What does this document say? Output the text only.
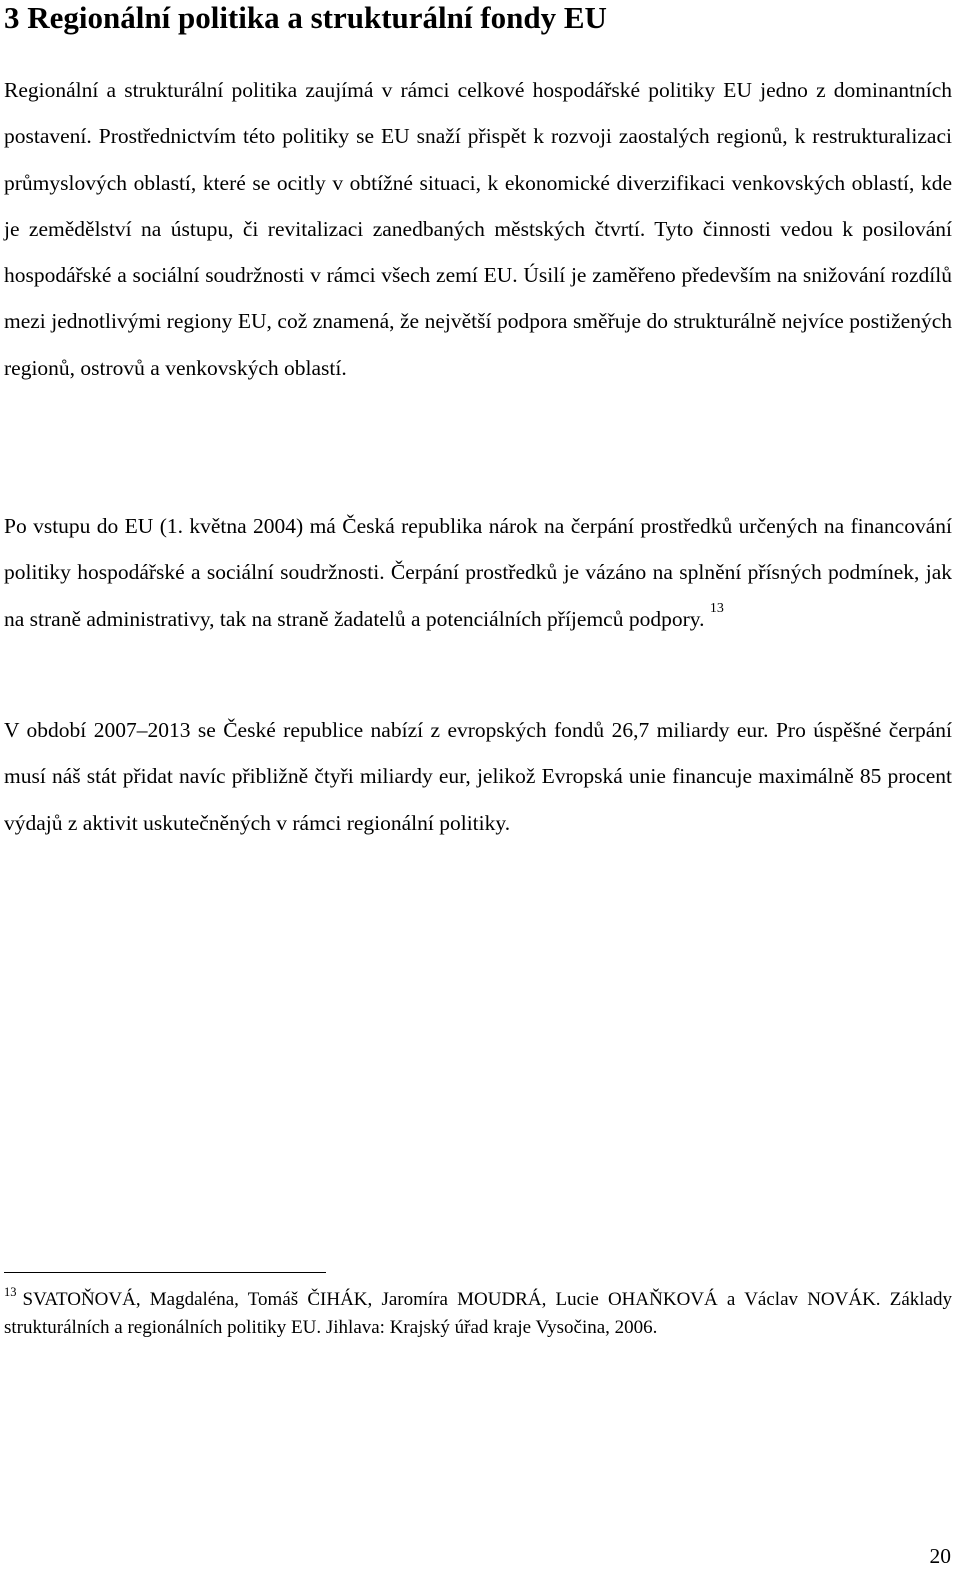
3 Regionální politika a strukturální fondy EU

Regionální a strukturální politika zaujímá v rámci celkové hospodářské politiky EU jedno z dominantních postavení. Prostřednictvím této politiky se EU snaží přispět k rozvoji zaostalých regionů, k restrukturalizaci průmyslových oblastí, které se ocitly v obtížné situaci, k ekonomické diverzifikaci venkovských oblastí, kde je zemědělství na ústupu, či revitalizaci zanedbaných městských čtvrtí. Tyto činnosti vedou k posilování hospodářské a sociální soudržnosti v rámci všech zemí EU. Úsilí je zaměřeno především na snižování rozdílů mezi jednotlivými regiony EU, což znamená, že největší podpora směřuje do strukturálně nejvíce postižených regionů, ostrovů a venkovských oblastí.

Po vstupu do EU (1. května 2004) má Česká republika nárok na čerpání prostředků určených na financování politiky hospodářské a sociální soudržnosti. Čerpání prostředků je vázáno na splnění přísných podmínek, jak na straně administrativy, tak na straně žadatelů a potenciálních příjemců podpory. $^{13}$

V období 2007–2013 se České republice nabízí z evropských fondů 26,7 miliardy eur. Pro úspěšné čerpání musí náš stát přidat navíc přibližně čtyři miliardy eur, jelikož Evropská unie financuje maximálně 85 procent výdajů z aktivit uskutečněných v rámci regionální politiky.

$^{13}$ SVATOŇOVÁ, Magdaléna, Tomáš ČIHÁK, Jaromíra MOUDRÁ, Lucie OHAŇKOVÁ a Václav NOVÁK. Základy strukturálních a regionálních politiky EU. Jihlava: Krajský úřad kraje Vysočina, 2006.

20
